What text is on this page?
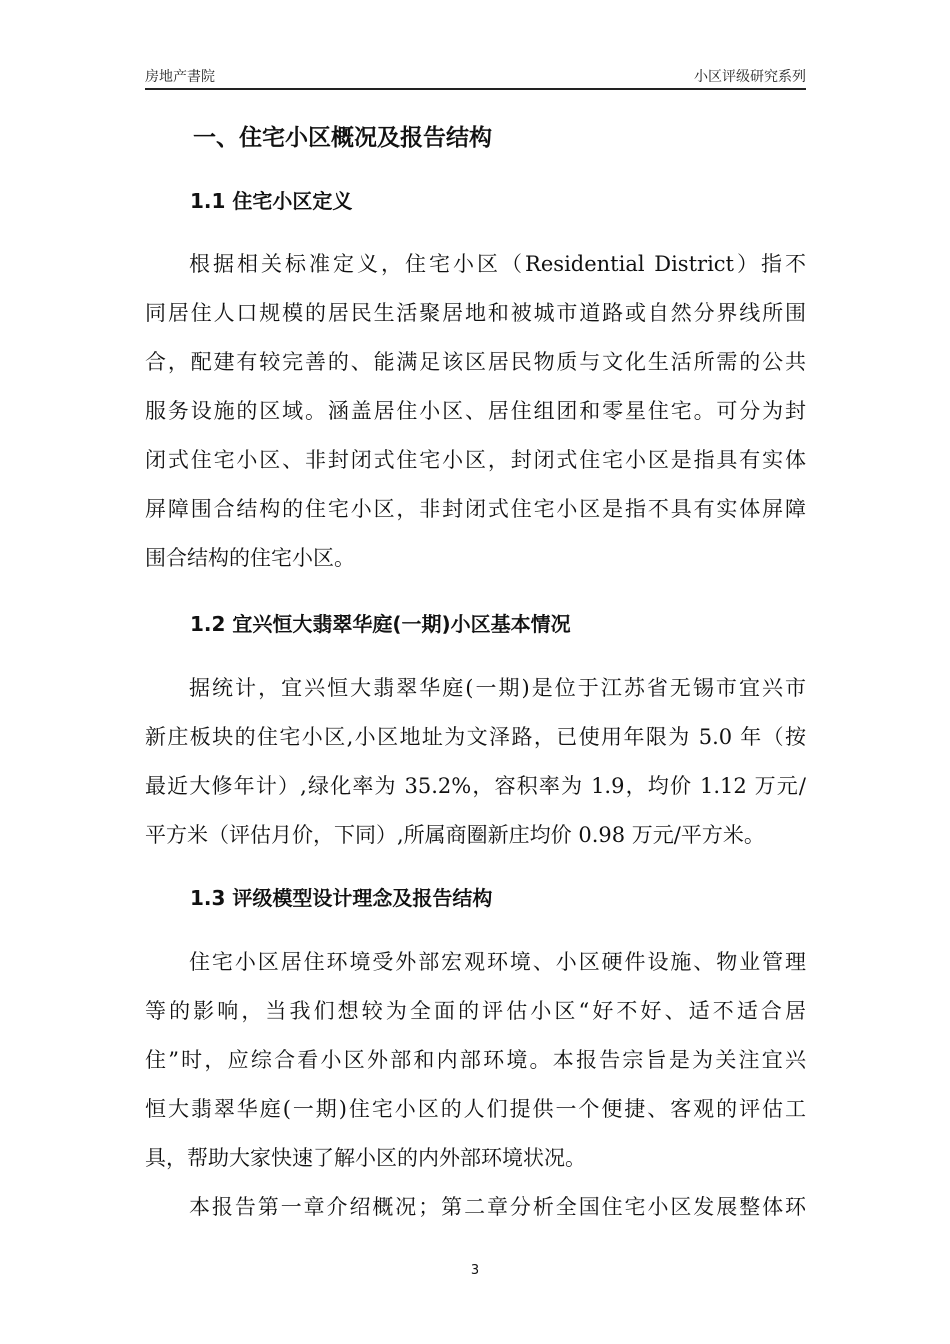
房地产書院	小区评级研究系列
一、住宅小区概况及报告结构
1.1 住宅小区定义
根据相关标准定义，住宅小区（Residential District）指不
同居住人口规模的居民生活聚居地和被城市道路或自然分界线所围
合，配建有较完善的、能满足该区居民物质与文化生活所需的公共
服务设施的区域。涵盖居住小区、居住组团和零星住宅。可分为封
闭式住宅小区、非封闭式住宅小区，封闭式住宅小区是指具有实体
屏障围合结构的住宅小区，非封闭式住宅小区是指不具有实体屏障
围合结构的住宅小区。
1.2 宜兴恒大翡翠华庭(一期)小区基本情况
据统计，宜兴恒大翡翠华庭(一期)是位于江苏省无锡市宜兴市
新庄板块的住宅小区,小区地址为文泽路，已使用年限为 5.0 年（按
最近大修年计）,绿化率为 35.2%，容积率为 1.9，均价 1.12 万元/
平方米（评估月价，下同）,所属商圈新庄均价 0.98 万元/平方米。
1.3 评级模型设计理念及报告结构
住宅小区居住环境受外部宏观环境、小区硬件设施、物业管理
等的影响，当我们想较为全面的评估小区“好不好、适不适合居
住”时，应综合看小区外部和内部环境。本报告宗旨是为关注宜兴
恒大翡翠华庭(一期)住宅小区的人们提供一个便捷、客观的评估工
具，帮助大家快速了解小区的内外部环境状况。
本报告第一章介绍概况；第二章分析全国住宅小区发展整体环
3
